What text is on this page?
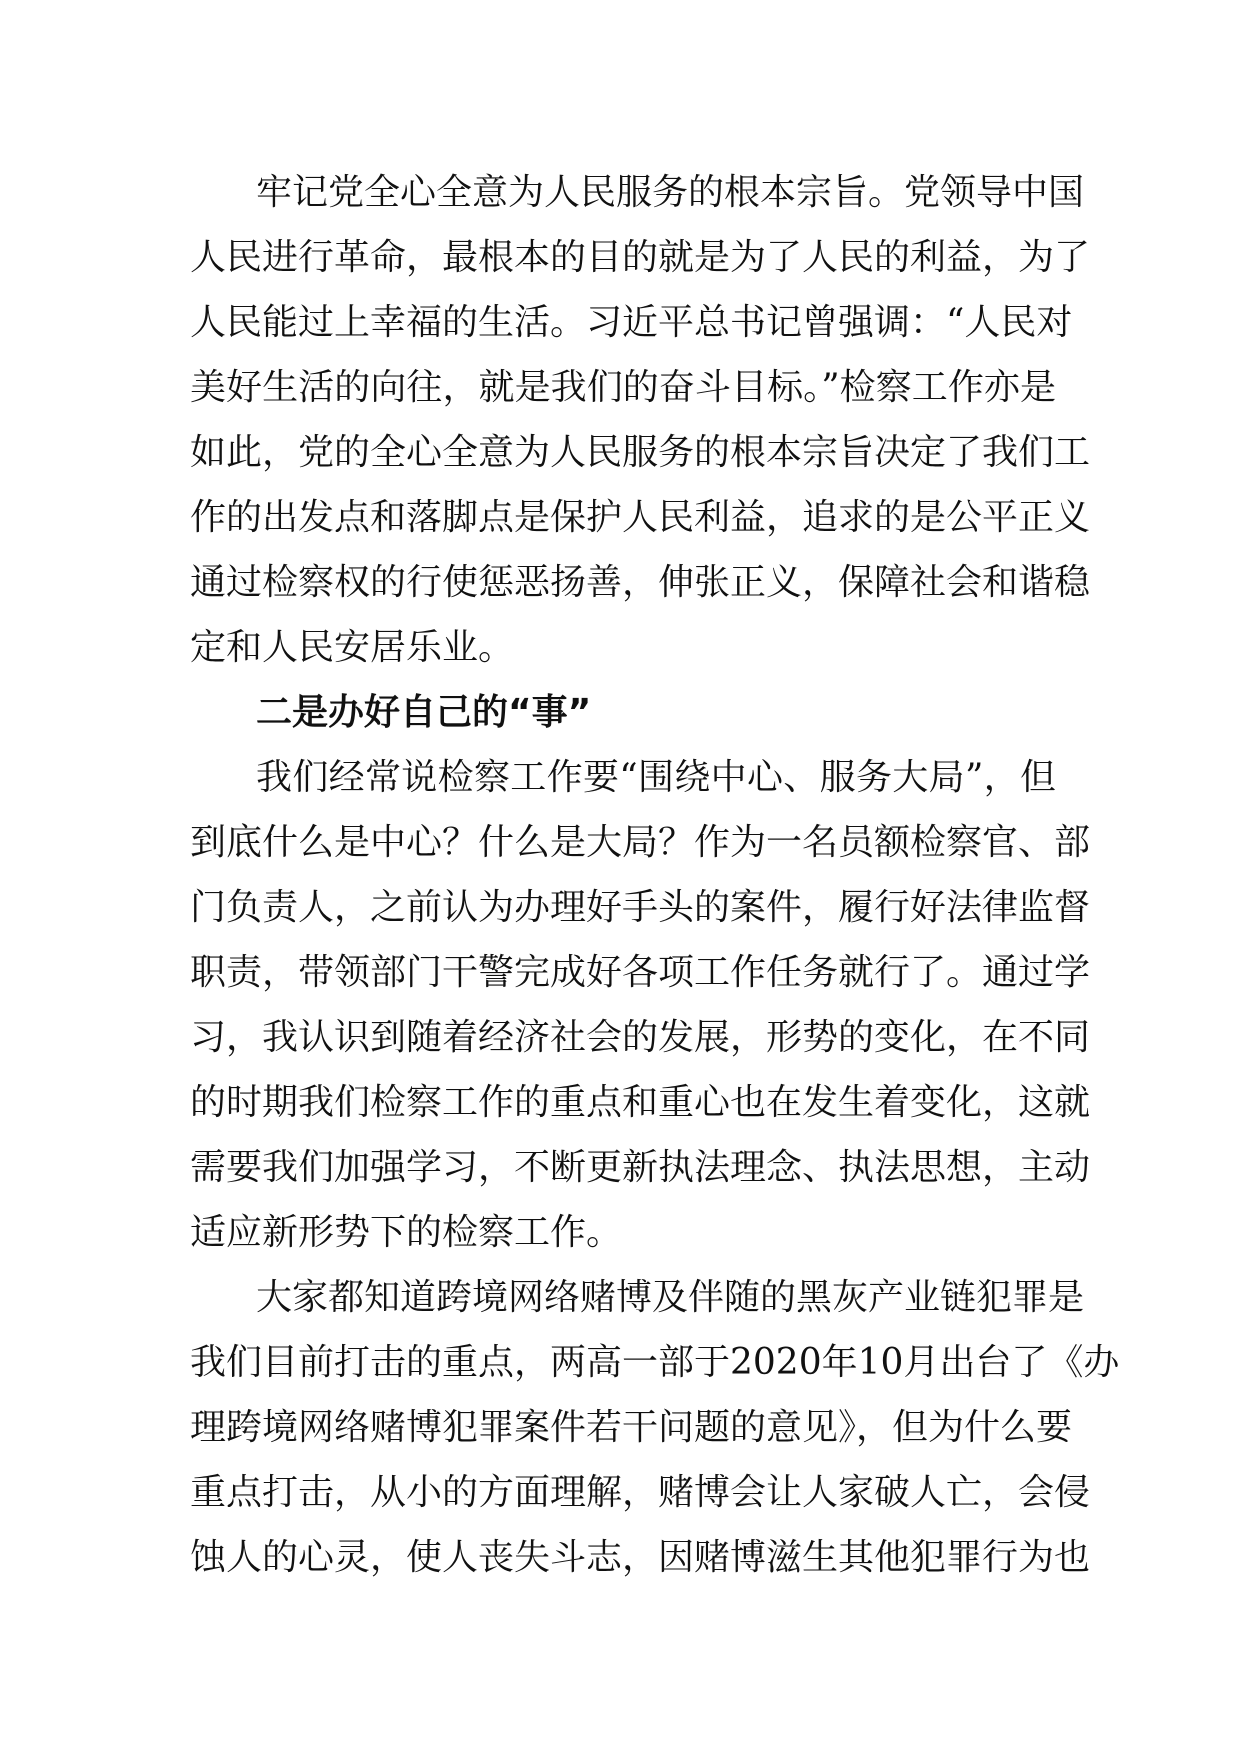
牢记党全心全意为人民服务的根本宗旨。党领导中国
人民进行革命，最根本的目的就是为了人民的利益，为了
人民能过上幸福的生活。习近平总书记曾强调：“人民对
美好生活的向往，就是我们的奋斗目标。”检察工作亦是
如此，党的全心全意为人民服务的根本宗旨决定了我们工
作的出发点和落脚点是保护人民利益，追求的是公平正义
通过检察权的行使惩恶扬善，伸张正义，保障社会和谐稳
定和人民安居乐业。
二是办好自己的“事”
我们经常说检察工作要“围绕中心、服务大局”，但
到底什么是中心？什么是大局？作为一名员额检察官、部
门负责人，之前认为办理好手头的案件，履行好法律监督
职责，带领部门干警完成好各项工作任务就行了。通过学
习，我认识到随着经济社会的发展，形势的变化，在不同
的时期我们检察工作的重点和重心也在发生着变化，这就
需要我们加强学习，不断更新执法理念、执法思想，主动
适应新形势下的检察工作。
大家都知道跨境网络赌博及伴随的黑灰产业链犯罪是
我们目前打击的重点，两高一部于2020年10月出台了《办
理跨境网络赌博犯罪案件若干问题的意见》，但为什么要
重点打击，从小的方面理解，赌博会让人家破人亡，会侵
蚀人的心灵，使人丧失斗志，因赌博滋生其他犯罪行为也
